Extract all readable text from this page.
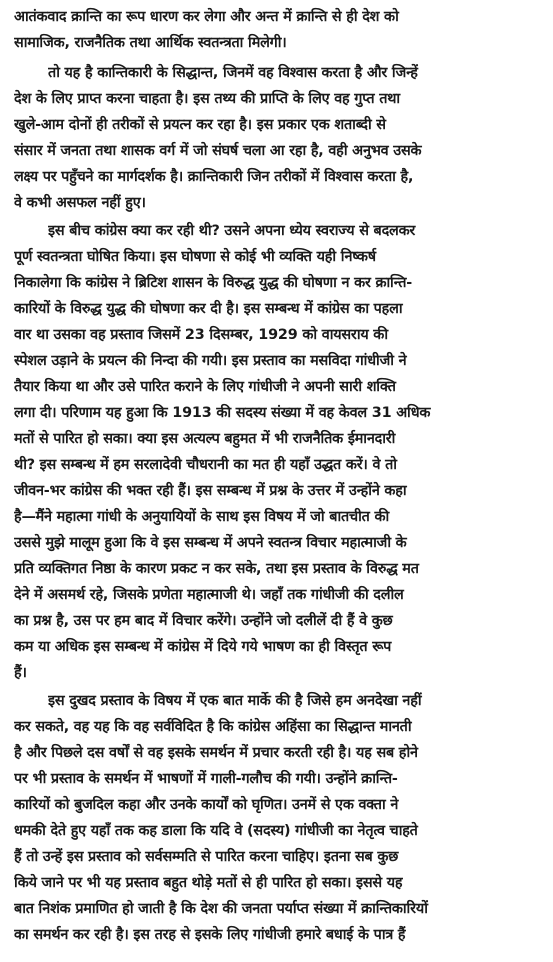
आतंकवाद क्रान्ति का रूप धारण कर लेगा और अन्त में क्रान्ति से ही देश को
सामाजिक, राजनैतिक तथा आर्थिक स्वतन्त्रता मिलेगी।
तो यह है कान्तिकारी के सिद्धान्त, जिनमें वह विश्वास करता है और जिन्हें
देश के लिए प्राप्त करना चाहता है। इस तथ्य की प्राप्ति के लिए वह गुप्त तथा
खुले-आम दोनों ही तरीकों से प्रयत्न कर रहा है। इस प्रकार एक शताब्दी से
संसार में जनता तथा शासक वर्ग में जो संघर्ष चला आ रहा है, वही अनुभव उसके
लक्ष्य पर पहुँचने का मार्गदर्शक है। क्रान्तिकारी जिन तरीकों में विश्वास करता है,
वे कभी असफल नहीं हुए।
इस बीच कांग्रेस क्या कर रही थी? उसने अपना ध्येय स्वराज्य से बदलकर
पूर्ण स्वतन्त्रता घोषित किया। इस घोषणा से कोई भी व्यक्ति यही निष्कर्ष
निकालेगा कि कांग्रेस ने ब्रिटिश शासन के विरुद्ध युद्ध की घोषणा न कर क्रान्ति-
कारियों के विरुद्ध युद्ध की घोषणा कर दी है। इस सम्बन्ध में कांग्रेस का पहला
वार था उसका वह प्रस्ताव जिसमें 23 दिसम्बर, 1929 को वायसराय की
स्पेशल उड़ाने के प्रयत्न की निन्दा की गयी। इस प्रस्ताव का मसविदा गांधीजी ने
तैयार किया था और उसे पारित कराने के लिए गांधीजी ने अपनी सारी शक्ति
लगा दी। परिणाम यह हुआ कि 1913 की सदस्य संख्या में वह केवल 31 अधिक
मतों से पारित हो सका। क्या इस अत्यल्प बहुमत में भी राजनैतिक ईमानदारी
थी? इस सम्बन्ध में हम सरलादेवी चौधरानी का मत ही यहाँ उद्धत करें। वे तो
जीवन-भर कांग्रेस की भक्त रही हैं। इस सम्बन्ध में प्रश्न के उत्तर में उन्होंने कहा
है—मैंने महात्मा गांधी के अनुयायियों के साथ इस विषय में जो बातचीत की
उससे मुझे मालूम हुआ कि वे इस सम्बन्ध में अपने स्वतन्त्र विचार महात्माजी के
प्रति व्यक्तिगत निष्ठा के कारण प्रकट न कर सके, तथा इस प्रस्ताव के विरुद्ध मत
देने में असमर्थ रहे, जिसके प्रणेता महात्माजी थे। जहाँ तक गांधीजी की दलील
का प्रश्न है, उस पर हम बाद में विचार करेंगे। उन्होंने जो दलीलें दी हैं वे कुछ
कम या अधिक इस सम्बन्ध में कांग्रेस में दिये गये भाषण का ही विस्तृत रूप
हैं।
इस दुखद प्रस्ताव के विषय में एक बात मार्के की है जिसे हम अनदेखा नहीं
कर सकते, वह यह कि वह सर्वविदित है कि कांग्रेस अहिंसा का सिद्धान्त मानती
है और पिछले दस वर्षों से वह इसके समर्थन में प्रचार करती रही है। यह सब होने
पर भी प्रस्ताव के समर्थन में भाषणों में गाली-गलौच की गयी। उन्होंने क्रान्ति-
कारियों को बुजदिल कहा और उनके कार्यों को घृणित। उनमें से एक वक्ता ने
धमकी देते हुए यहाँ तक कह डाला कि यदि वे (सदस्य) गांधीजी का नेतृत्व चाहते
हैं तो उन्हें इस प्रस्ताव को सर्वसम्मति से पारित करना चाहिए। इतना सब कुछ
किये जाने पर भी यह प्रस्ताव बहुत थोड़े मतों से ही पारित हो सका। इससे यह
बात निशंक प्रमाणित हो जाती है कि देश की जनता पर्याप्त संख्या में क्रान्तिकारियों
का समर्थन कर रही है। इस तरह से इसके लिए गांधीजी हमारे बधाई के पात्र हैं
